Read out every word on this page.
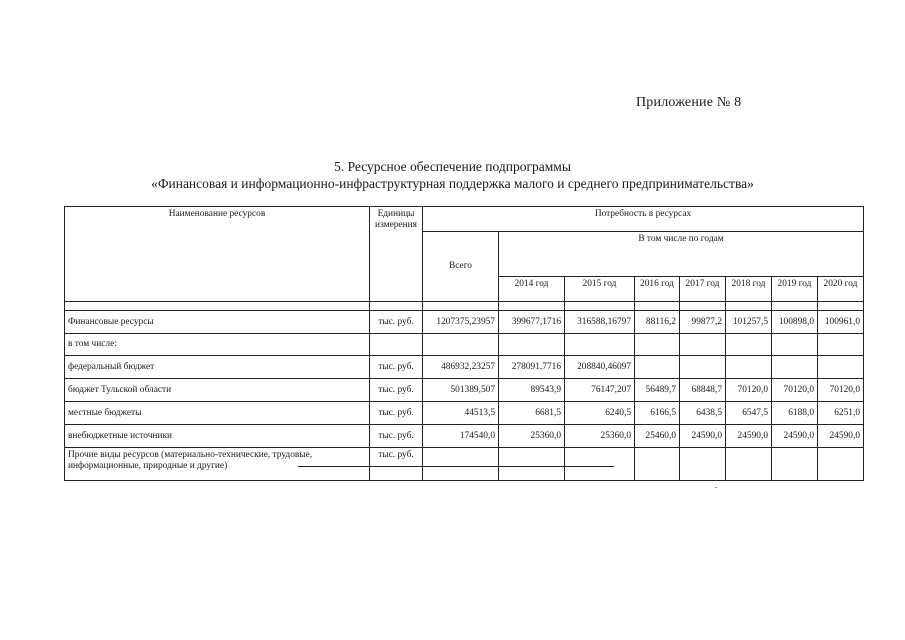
Приложение № 8
5. Ресурсное обеспечение подпрограммы
«Финансовая и информационно-инфраструктурная поддержка малого и среднего предпринимательства»
Наименование ресурсов	Единицы измерения	Потребность в ресурсах							
		Всего	В том числе по годам						
			2014 год	2015 год	2016 год	2017 год	2018 год	2019 год	2020 год

Финансовые ресурсы	тыс. руб.	1207375,23957	399677,1716	316588,16797	88116,2	99877,2	101257,5	100898,0	100961,0
в том числе:									
федеральный бюджет	тыс. руб.	486932,23257	278091,7716	208840,46097					
бюджет Тульской области	тыс. руб.	501389,507	89543,9	76147,207	56489,7	68848,7	70120,0	70120,0	70120,0
местные бюджеты	тыс. руб.	44513,5	6681,5	6240,5	6166,5	6438,5	6547,5	6188,0	6251,0
внебюджетные источники	тыс. руб.	174540,0	25360,0	25360,0	25460,0	24590,0	24590,0	24590,0	24590,0
Прочие виды ресурсов (материально-технические, трудовые, информационные, природные и другие)	тыс. руб.								
